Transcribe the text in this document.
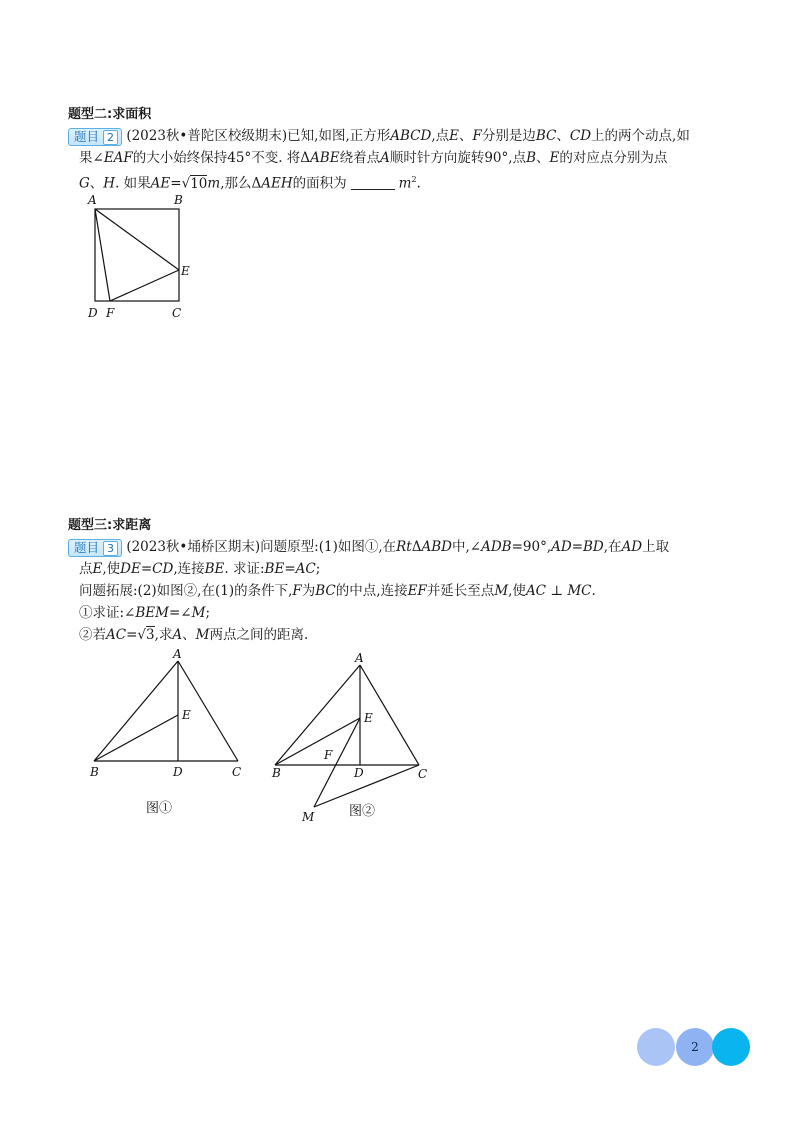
题型二:求面积
题目 2 (2023秋•普陀区校级期末)已知,如图,正方形ABCD,点E、F分别是边BC、CD上的两个动点,如
果∠EAF的大小始终保持45°不变. 将ΔABE绕着点A顺时针方向旋转90°,点B、E的对应点分别为点
G、H. 如果AE=√10m,那么ΔAEH的面积为	$m^2$.
A	B
E
D F	C
题型三:求距离
题目 3 (2023秋•埇桥区期末)问题原型:(1)如图①,在RtΔABD中,∠ADB=90°,AD=BD,在AD上取
点E,使DE=CD,连接BE. 求证:BE=AC;
问题拓展:(2)如图②,在(1)的条件下,F为BC的中点,连接EF并延长至点M,使AC ⊥ MC.
①求证:∠BEM=∠M;
②若AC=√3,求A、M两点之间的距离.
A
E
B	D	C
图①
A
E
F
B	D	C
M	图②
2
